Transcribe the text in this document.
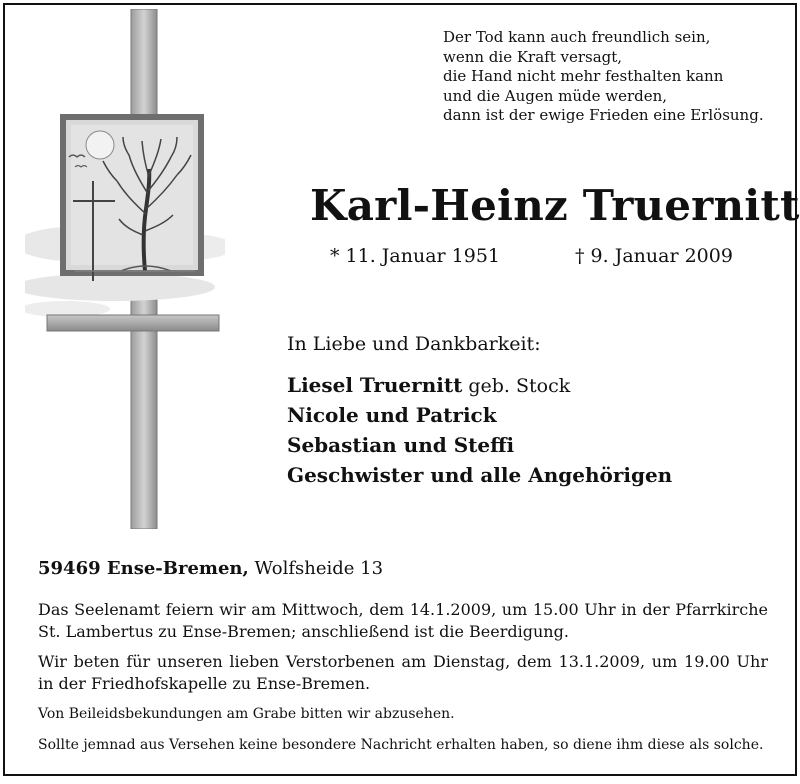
Der Tod kann auch freundlich sein,
wenn die Kraft versagt,
die Hand nicht mehr festhalten kann
und die Augen müde werden,
dann ist der ewige Frieden eine Erlösung.
Karl-Heinz Truernitt
* 11. Januar 1951	† 9. Januar 2009
In Liebe und Dankbarkeit:
Liesel Truernitt geb. Stock
Nicole und Patrick
Sebastian und Steffi
Geschwister und alle Angehörigen
59469 Ense-Bremen, Wolfsheide 13
Das Seelenamt feiern wir am Mittwoch, dem 14.1.2009, um 15.00 Uhr in der Pfarrkirche St. Lambertus zu Ense-Bremen; anschließend ist die Beerdigung.
Wir beten für unseren lieben Verstorbenen am Dienstag, dem 13.1.2009, um 19.00 Uhr in der Friedhofskapelle zu Ense-Bremen.
Von Beileidsbekundungen am Grabe bitten wir abzusehen.
Sollte jemnad aus Versehen keine besondere Nachricht erhalten haben, so diene ihm diese als solche.
